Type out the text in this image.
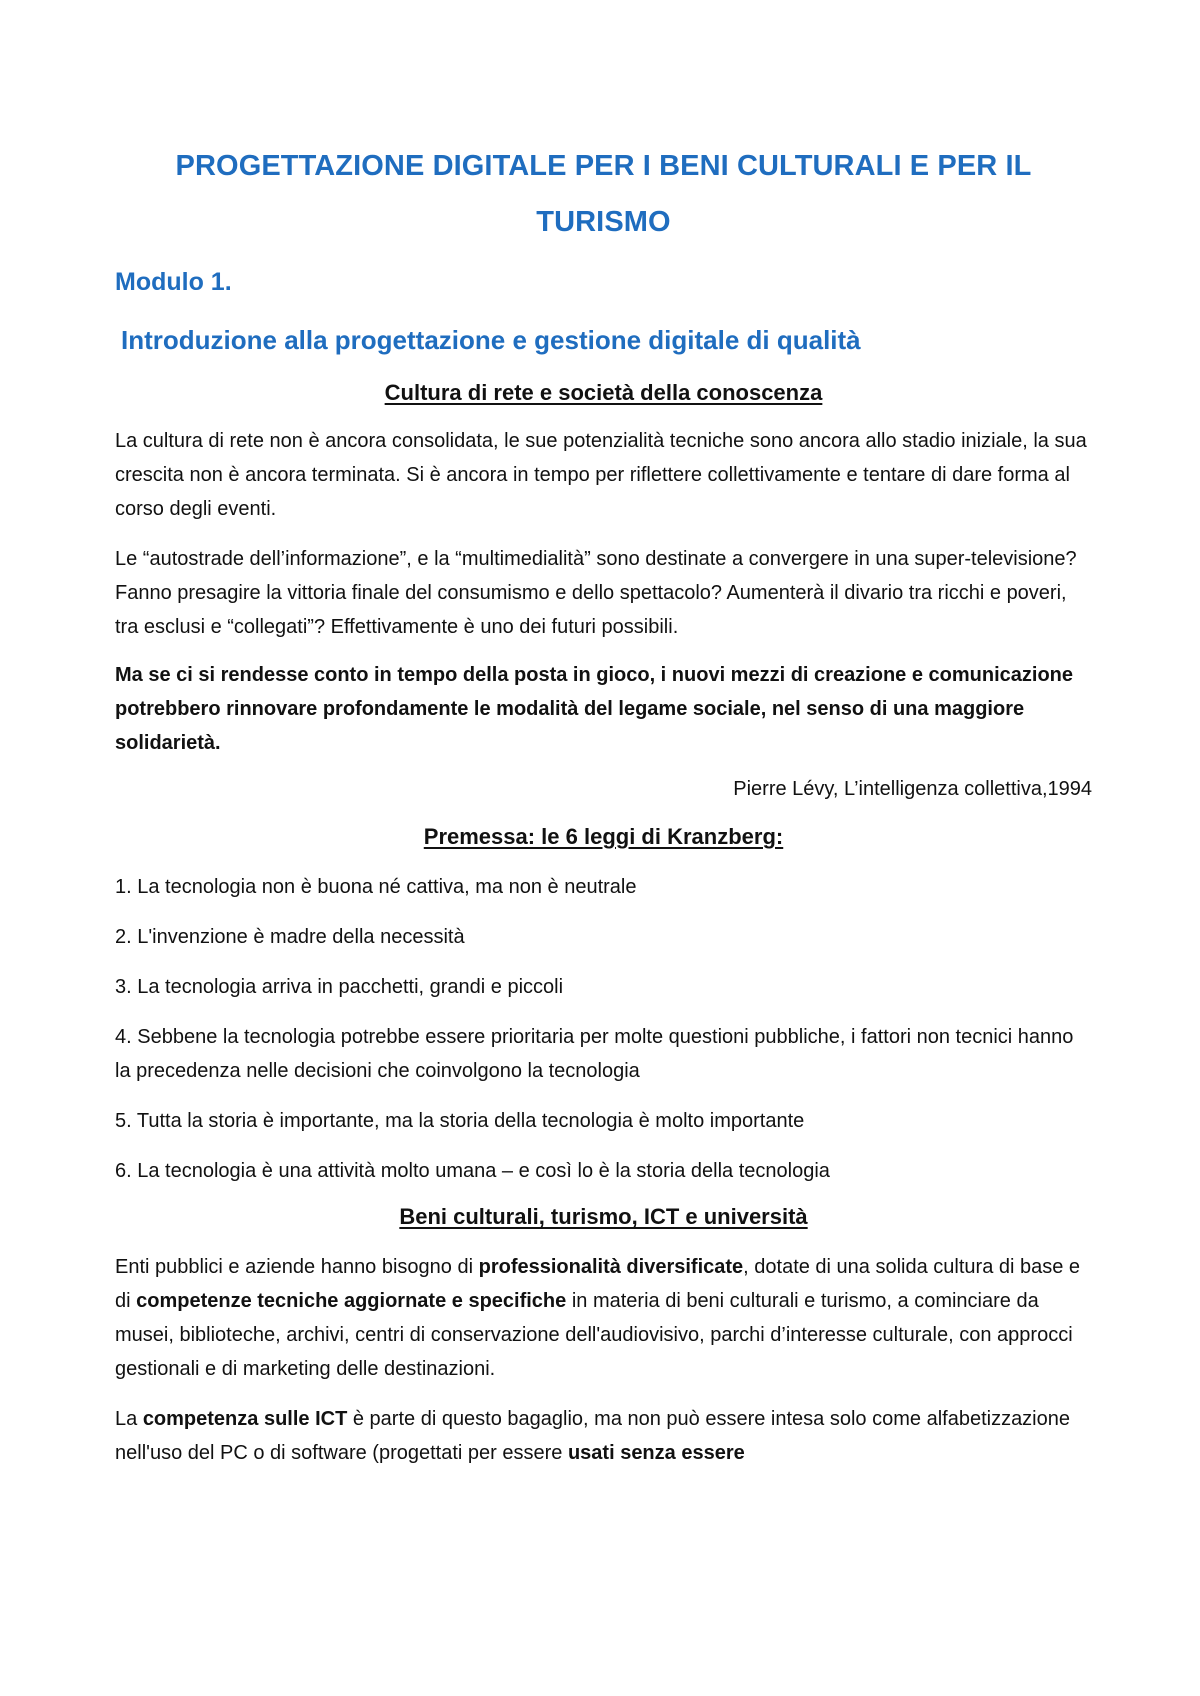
PROGETTAZIONE DIGITALE PER I BENI CULTURALI E PER IL
TURISMO
Modulo 1.
Introduzione alla progettazione e gestione digitale di qualità
Cultura di rete e società della conoscenza

La cultura di rete non è ancora consolidata, le sue potenzialità tecniche sono ancora allo stadio iniziale, la sua crescita non è ancora terminata. Si è ancora in tempo per riflettere collettivamente e tentare di dare forma al corso degli eventi.

Le “autostrade dell’informazione”, e la “multimedialità” sono destinate a convergere in una super-televisione? Fanno presagire la vittoria finale del consumismo e dello spettacolo? Aumenterà il divario tra ricchi e poveri, tra esclusi e “collegati”? Effettivamente è uno dei futuri possibili.

Ma se ci si rendesse conto in tempo della posta in gioco, i nuovi mezzi di creazione e comunicazione potrebbero rinnovare profondamente le modalità del legame sociale, nel senso di una maggiore solidarietà.

Pierre Lévy, L’intelligenza collettiva,1994

Premessa: le 6 leggi di Kranzberg:
1. La tecnologia non è buona né cattiva, ma non è neutrale
2. L'invenzione è madre della necessità
3. La tecnologia arriva in pacchetti, grandi e piccoli
4. Sebbene la tecnologia potrebbe essere prioritaria per molte questioni pubbliche, i fattori non tecnici hanno la precedenza nelle decisioni che coinvolgono la tecnologia
5. Tutta la storia è importante, ma la storia della tecnologia è molto importante
6. La tecnologia è una attività molto umana – e così lo è la storia della tecnologia
Beni culturali, turismo, ICT e università

Enti pubblici e aziende hanno bisogno di professionalità diversificate, dotate di una solida cultura di base e di competenze tecniche aggiornate e specifiche in materia di beni culturali e turismo, a cominciare da musei, biblioteche, archivi, centri di conservazione dell'audiovisivo, parchi d’interesse culturale, con approcci gestionali e di marketing delle destinazioni.

La competenza sulle ICT è parte di questo bagaglio, ma non può essere intesa solo come alfabetizzazione nell'uso del PC o di software (progettati per essere usati senza essere
